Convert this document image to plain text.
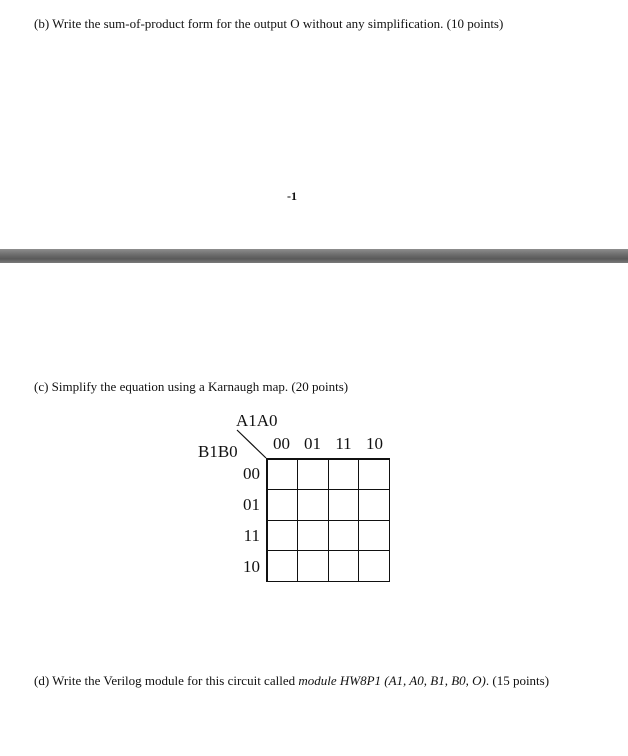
(b) Write the sum-of-product form for the output O without any simplification. (10 points)
-1
(c) Simplify the equation using a Karnaugh map. (20 points)
A1A0
B1B0	00 01 11 10
00
01
11
10
(d) Write the Verilog module for this circuit called module HW8P1 (A1, A0, B1, B0, O). (15 points)
